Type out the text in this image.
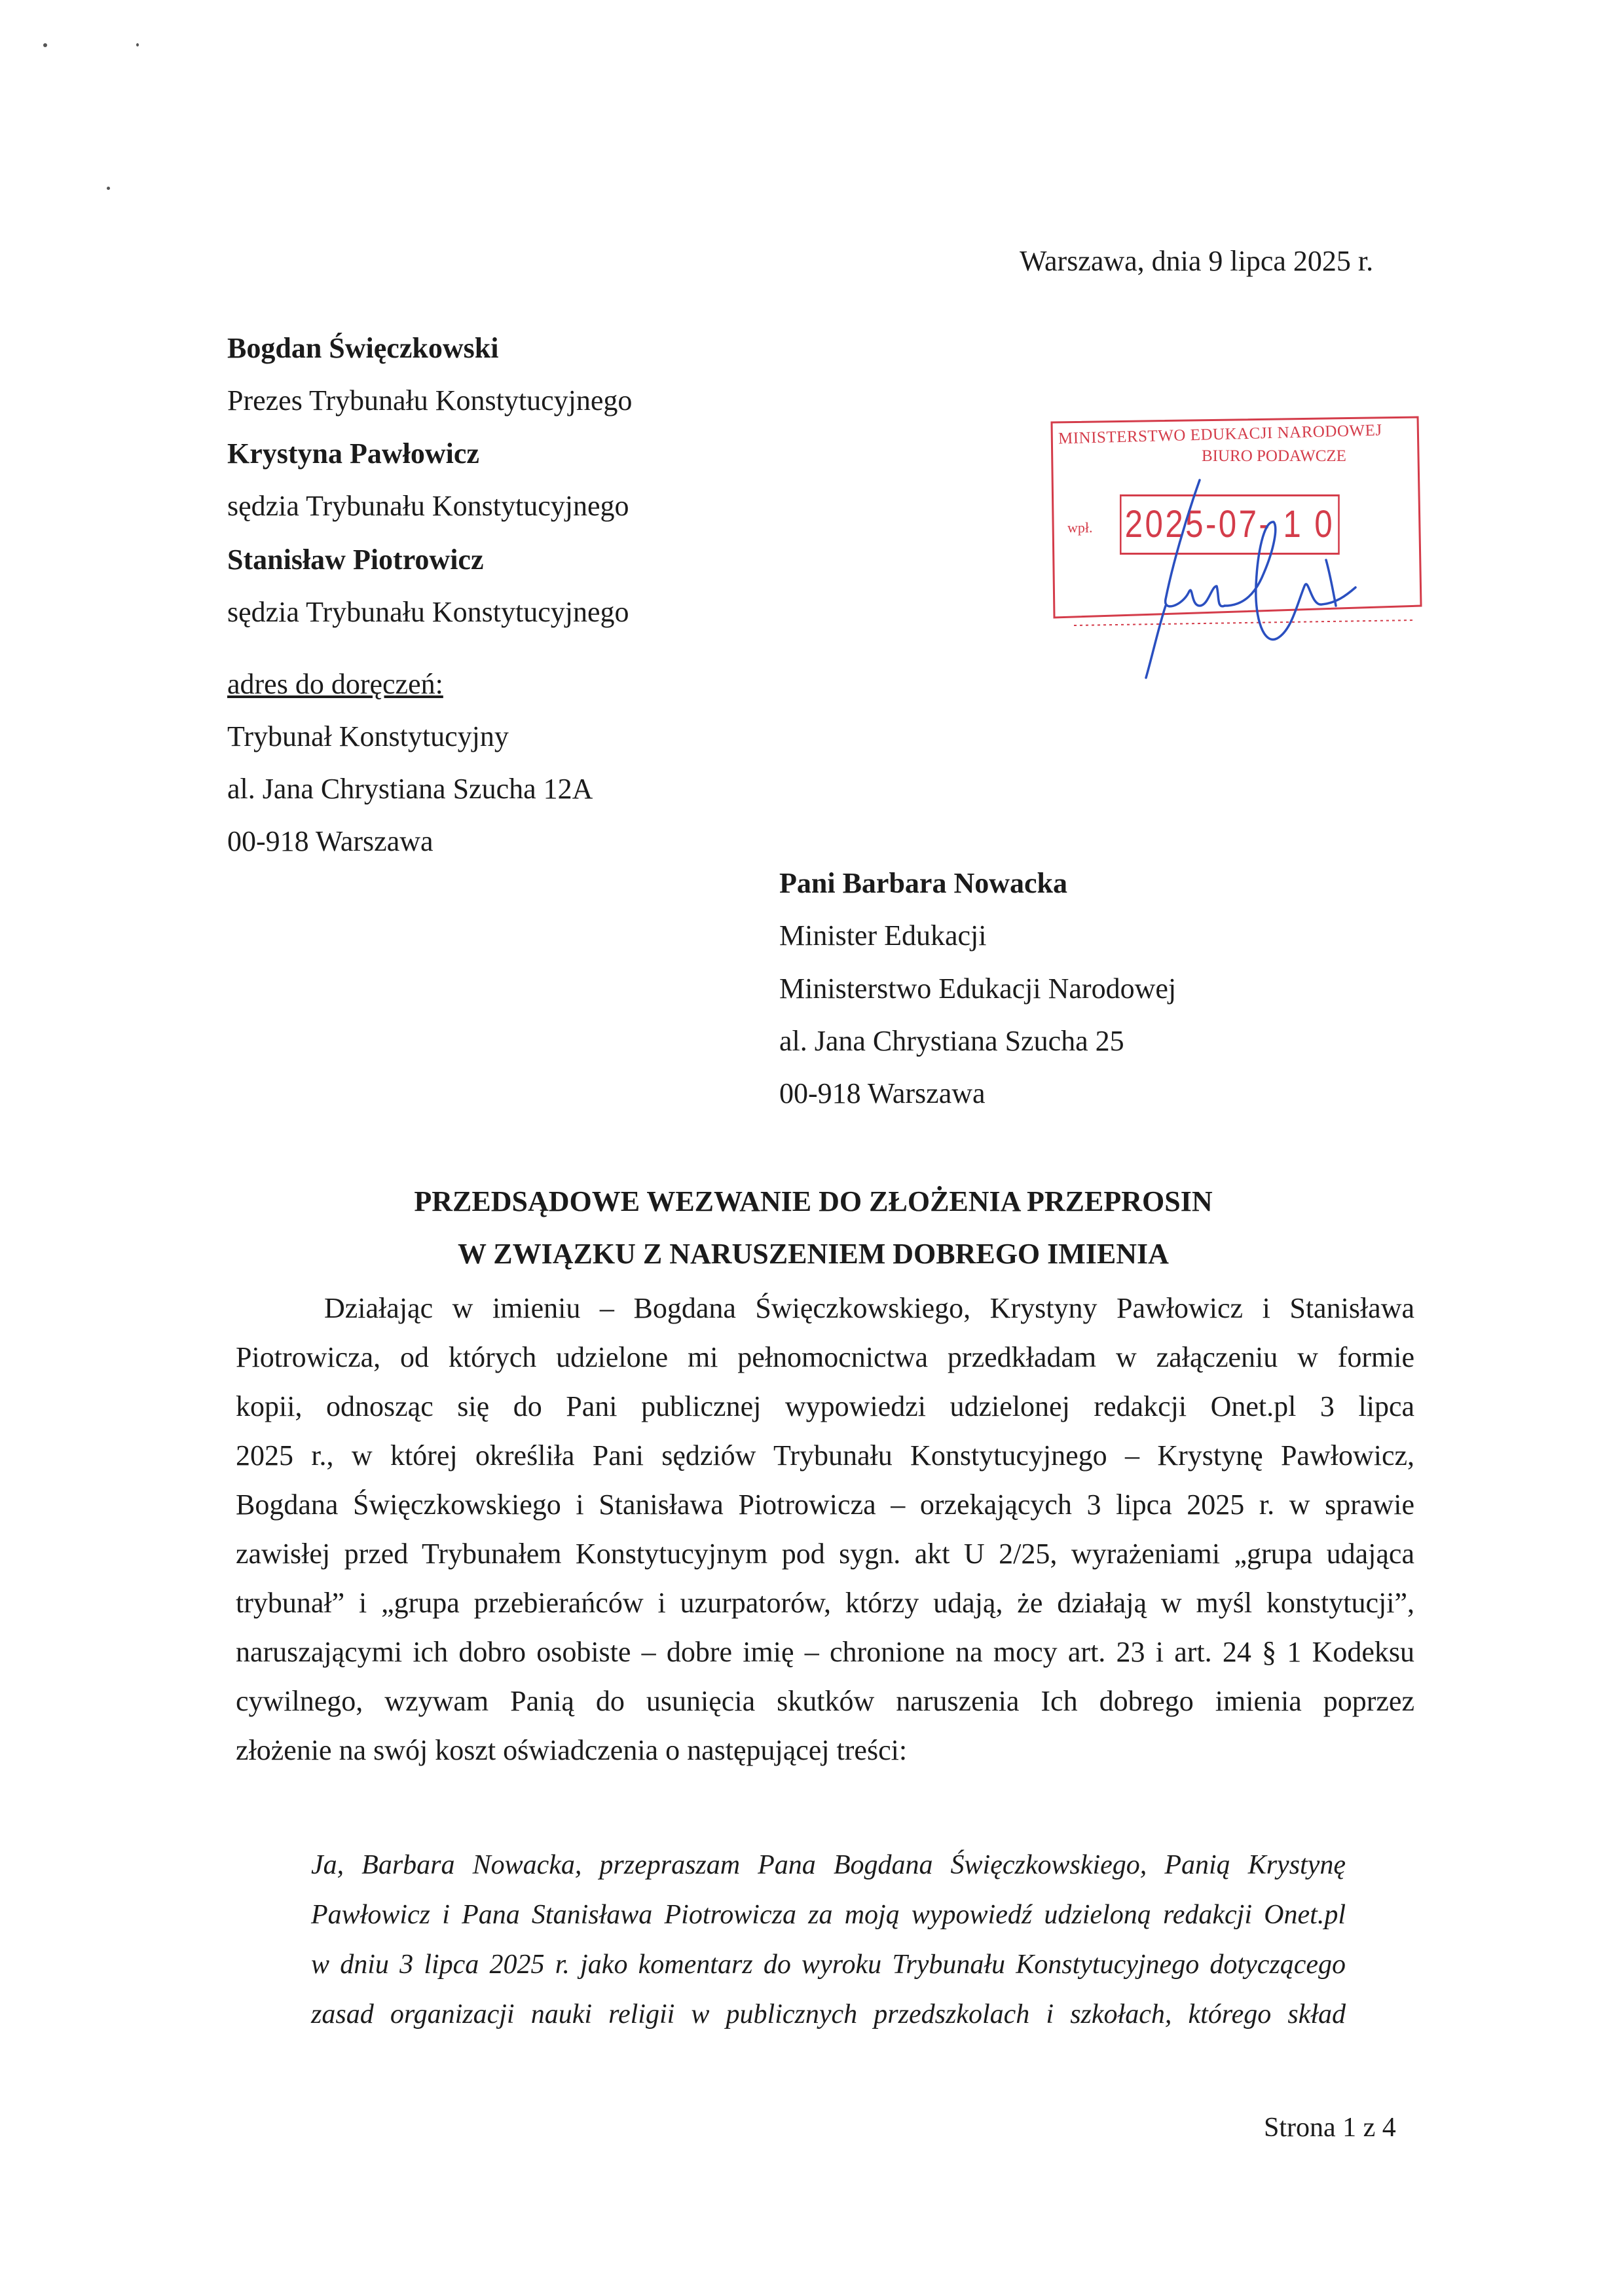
Warszawa, dnia 9 lipca 2025 r.
Bogdan Święczkowski
Prezes Trybunału Konstytucyjnego
Krystyna Pawłowicz
sędzia Trybunału Konstytucyjnego
Stanisław Piotrowicz
sędzia Trybunału Konstytucyjnego
adres do doręczeń:
Trybunał Konstytucyjny
al. Jana Chrystiana Szucha 12A
00-918 Warszawa
MINISTERSTWO EDUKACJI NARODOWEJ
BIURO PODAWCZE
wpł. 2025-07- 1 0
Pani Barbara Nowacka
Minister Edukacji
Ministerstwo Edukacji Narodowej
al. Jana Chrystiana Szucha 25
00-918 Warszawa
PRZEDSĄDOWE WEZWANIE DO ZŁOŻENIA PRZEPROSIN
W ZWIĄZKU Z NARUSZENIEM DOBREGO IMIENIA
Działając w imieniu – Bogdana Święczkowskiego, Krystyny Pawłowicz i Stanisława
Piotrowicza, od których udzielone mi pełnomocnictwa przedkładam w załączeniu w formie
kopii, odnosząc się do Pani publicznej wypowiedzi udzielonej redakcji Onet.pl 3 lipca
2025 r., w której określiła Pani sędziów Trybunału Konstytucyjnego – Krystynę Pawłowicz,
Bogdana Święczkowskiego i Stanisława Piotrowicza – orzekających 3 lipca 2025 r. w sprawie
zawisłej przed Trybunałem Konstytucyjnym pod sygn. akt U 2/25, wyrażeniami „grupa udająca
trybunał” i „grupa przebierańców i uzurpatorów, którzy udają, że działają w myśl konstytucji”,
naruszającymi ich dobro osobiste – dobre imię – chronione na mocy art. 23 i art. 24 § 1 Kodeksu
cywilnego, wzywam Panią do usunięcia skutków naruszenia Ich dobrego imienia poprzez
złożenie na swój koszt oświadczenia o następującej treści:
Ja, Barbara Nowacka, przepraszam Pana Bogdana Święczkowskiego, Panią Krystynę
Pawłowicz i Pana Stanisława Piotrowicza za moją wypowiedź udzieloną redakcji Onet.pl
w dniu 3 lipca 2025 r. jako komentarz do wyroku Trybunału Konstytucyjnego dotyczącego
zasad organizacji nauki religii w publicznych przedszkolach i szkołach, którego skład
Strona 1 z 4
